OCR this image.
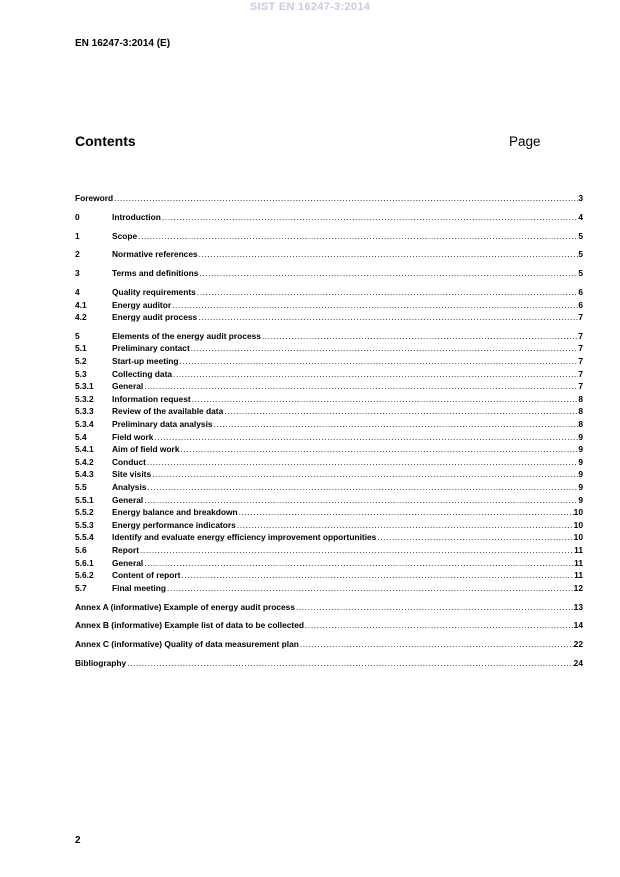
SIST EN 16247-3:2014
EN 16247-3:2014 (E)
Contents	Page
Foreword .....	3
0	Introduction .....	4
1	Scope .....	5
2	Normative references .....	5
3	Terms and definitions .....	5
4	Quality requirements .....	6
4.1	Energy auditor .....	6
4.2	Energy audit process .....	7
5	Elements of the energy audit process .....	7
5.1	Preliminary contact .....	7
5.2	Start-up meeting .....	7
5.3	Collecting data .....	7
5.3.1	General .....	7
5.3.2	Information request .....	8
5.3.3	Review of the available data .....	8
5.3.4	Preliminary data analysis .....	8
5.4	Field work .....	9
5.4.1	Aim of field work .....	9
5.4.2	Conduct .....	9
5.4.3	Site visits .....	9
5.5	Analysis .....	9
5.5.1	General .....	9
5.5.2	Energy balance and breakdown .....	10
5.5.3	Energy performance indicators .....	10
5.5.4	Identify and evaluate energy efficiency improvement opportunities .....	10
5.6	Report .....	11
5.6.1	General .....	11
5.6.2	Content of report .....	11
5.7	Final meeting .....	12
Annex A (informative) Example of energy audit process .....	13
Annex B (informative) Example list of data to be collected .....	14
Annex C (informative) Quality of data measurement plan .....	22
Bibliography .....	24
2
